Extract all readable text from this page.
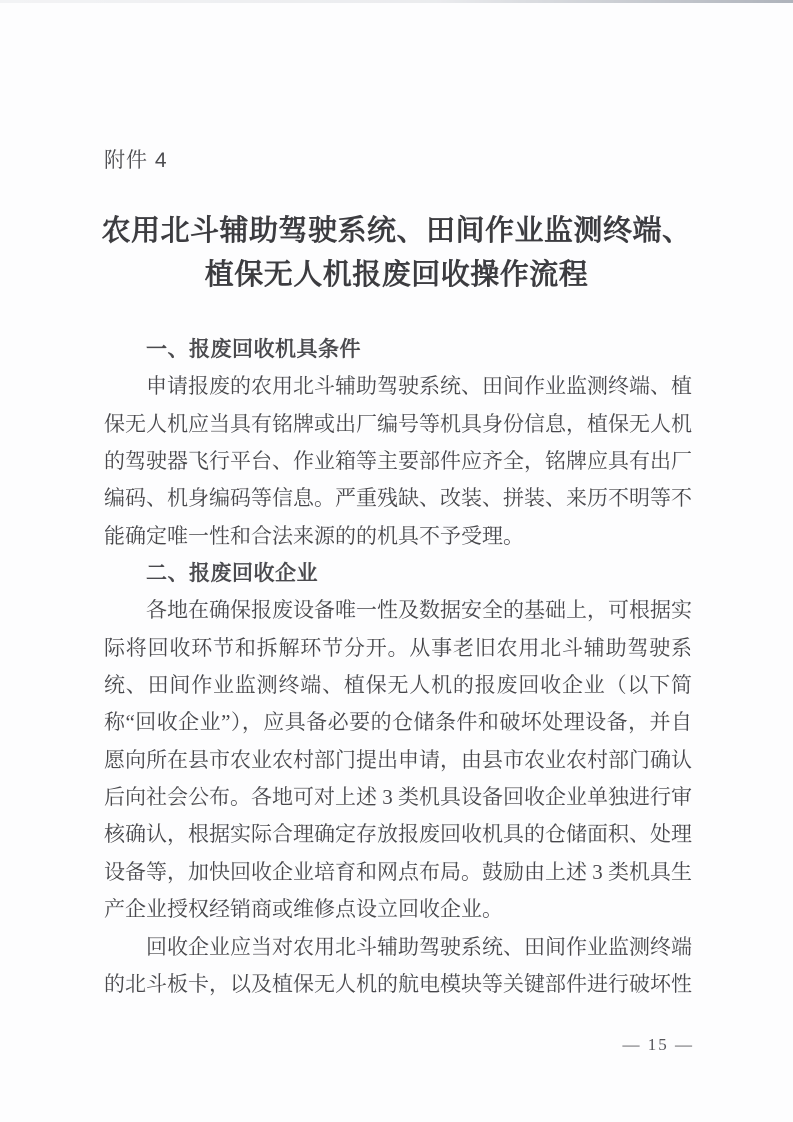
附件 4
农用北斗辅助驾驶系统、田间作业监测终端、
植保无人机报废回收操作流程

一、报废回收机具条件

申请报废的农用北斗辅助驾驶系统、田间作业监测终端、植保无人机应当具有铭牌或出厂编号等机具身份信息，植保无人机的驾驶器飞行平台、作业箱等主要部件应齐全，铭牌应具有出厂编码、机身编码等信息。严重残缺、改装、拼装、来历不明等不能确定唯一性和合法来源的的机具不予受理。

二、报废回收企业

各地在确保报废设备唯一性及数据安全的基础上，可根据实际将回收环节和拆解环节分开。从事老旧农用北斗辅助驾驶系统、田间作业监测终端、植保无人机的报废回收企业（以下简称“回收企业”），应具备必要的仓储条件和破坏处理设备，并自愿向所在县市农业农村部门提出申请，由县市农业农村部门确认后向社会公布。各地可对上述 3 类机具设备回收企业单独进行审核确认，根据实际合理确定存放报废回收机具的仓储面积、处理设备等，加快回收企业培育和网点布局。鼓励由上述 3 类机具生产企业授权经销商或维修点设立回收企业。

回收企业应当对农用北斗辅助驾驶系统、田间作业监测终端的北斗板卡，以及植保无人机的航电模块等关键部件进行破坏性

— 15 —
